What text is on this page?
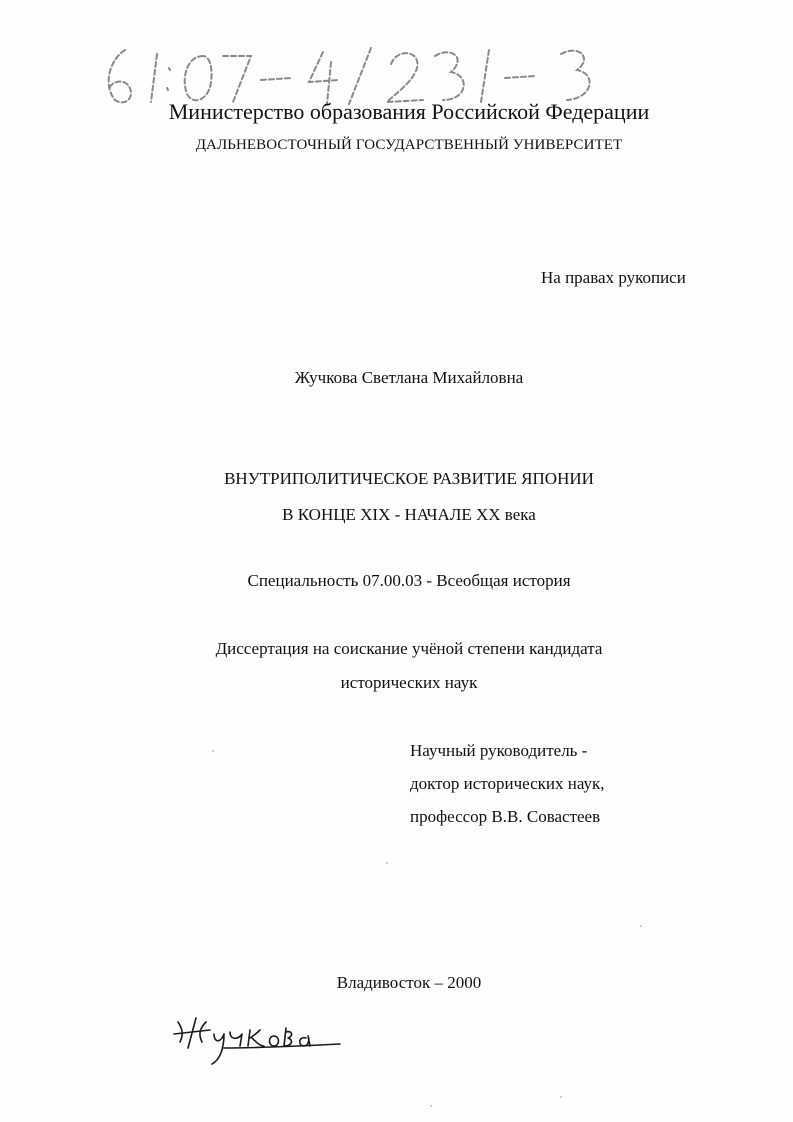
Министерство образования Российской Федерации
ДАЛЬНЕВОСТОЧНЫЙ ГОСУДАРСТВЕННЫЙ УНИВЕРСИТЕТ
На правах рукописи
Жучкова Светлана Михайловна
ВНУТРИПОЛИТИЧЕСКОЕ РАЗВИТИЕ ЯПОНИИ
В КОНЦЕ XIX - НАЧАЛЕ XX века
Специальность 07.00.03 - Всеобщая история
Диссертация на соискание учёной степени кандидата
исторических наук
Научный руководитель -
доктор исторических наук,
профессор В.В. Совастеев
Владивосток – 2000
